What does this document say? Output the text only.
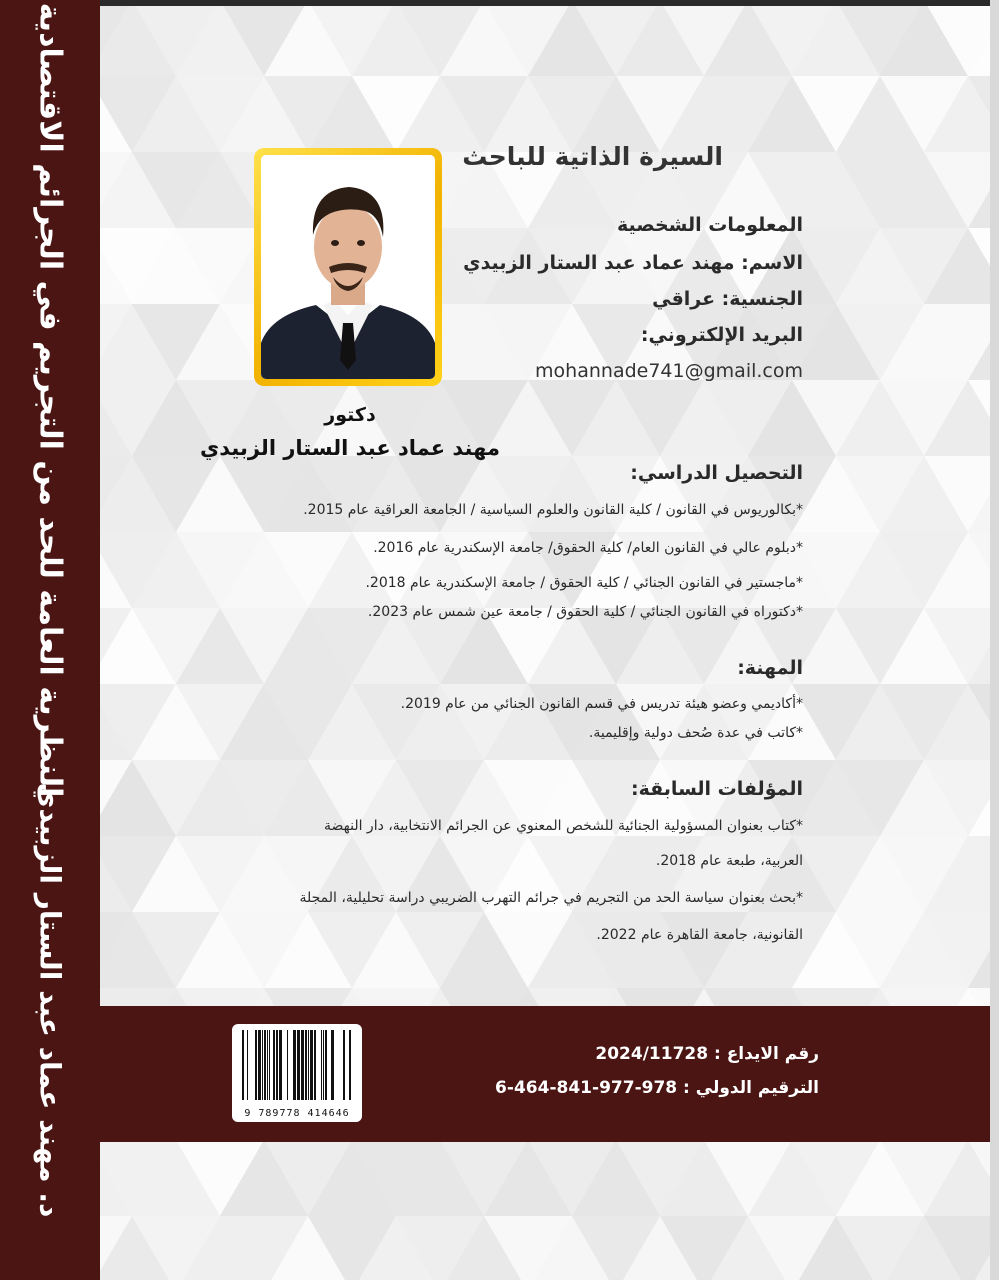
النظرية العامة للحد من التجريم في الجرائم الاقتصادية
د. مهند عماد عبد الستار الزبيدي
دكتور
مهند عماد عبد الستار الزبيدي
السيرة الذاتية للباحث
المعلومات الشخصية
الاسم: مهند عماد عبد الستار الزبيدي
الجنسية: عراقي
البريد الإلكتروني:
mohannade741@gmail.com
التحصيل الدراسي:
*بكالوريوس في القانون / كلية القانون والعلوم السياسية / الجامعة العراقية عام 2015.
*دبلوم عالي في القانون العام/ كلية الحقوق/ جامعة الإسكندرية عام 2016.
*ماجستير في القانون الجنائي / كلية الحقوق / جامعة الإسكندرية عام 2018.
*دكتوراه في القانون الجنائي / كلية الحقوق / جامعة عين شمس عام 2023.
المهنة:
*أكاديمي وعضو هيئة تدريس في قسم القانون الجنائي من عام 2019.
*كاتب في عدة صُحف دولية وإقليمية.
المؤلفات السابقة:
*كتاب بعنوان المسؤولية الجنائية للشخص المعنوي عن الجرائم الانتخابية، دار النهضة
العربية، طبعة عام 2018.
*بحث بعنوان سياسة الحد من التجريم في جرائم التهرب الضريبي دراسة تحليلية، المجلة
القانونية، جامعة القاهرة عام 2022.
رقم الايداع : 2024/11728
الترقيم الدولي : 978-977-841-464-6
9 789778 414646
